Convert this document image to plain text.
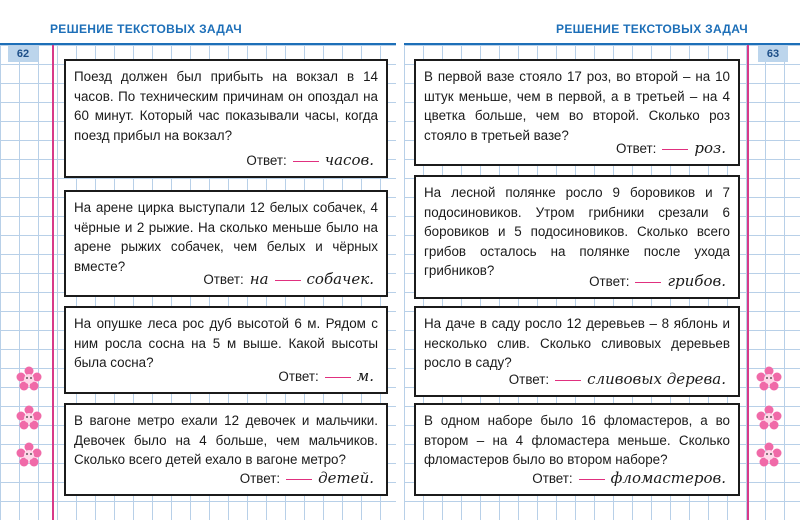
РЕШЕНИЕ ТЕКСТОВЫХ ЗАДАЧ	РЕШЕНИЕ ТЕКСТОВЫХ ЗАДАЧ
62	63
Поезд должен был прибыть на вокзал в 14 часов. По техническим причинам он опоздал на 60 минут. Который час показывали часы, когда поезд прибыл на вокзал?
Ответ:	часов.
На арене цирка выступали 12 белых собачек, 4 чёрные и 2 рыжие. На сколько меньше было на арене рыжих собачек, чем белых и чёрных вместе?
Ответ: на	собачек.
На опушке леса рос дуб высотой 6 м. Рядом с ним росла сосна на 5 м выше. Какой высоты была сосна?
Ответ:	м.
В вагоне метро ехали 12 девочек и мальчики. Девочек было на 4 больше, чем мальчиков. Сколько всего детей ехало в вагоне метро?
Ответ:	детей.
В первой вазе стояло 17 роз, во второй – на 10 штук меньше, чем в первой, а в третьей – на 4 цветка больше, чем во второй. Сколько роз стояло в третьей вазе?
Ответ:	роз.
На лесной полянке росло 9 боровиков и 7 подосиновиков. Утром грибники срезали 6 боровиков и 5 подосиновиков. Сколько всего грибов осталось на полянке после ухода грибников?
Ответ:	грибов.
На даче в саду росло 12 деревьев – 8 яблонь и несколько слив. Сколько сливовых деревьев росло в саду?
Ответ:	сливовых дерева.
В одном наборе было 16 фломастеров, а во втором – на 4 фломастера меньше. Сколько фломастеров было во втором наборе?
Ответ:	фломастеров.
